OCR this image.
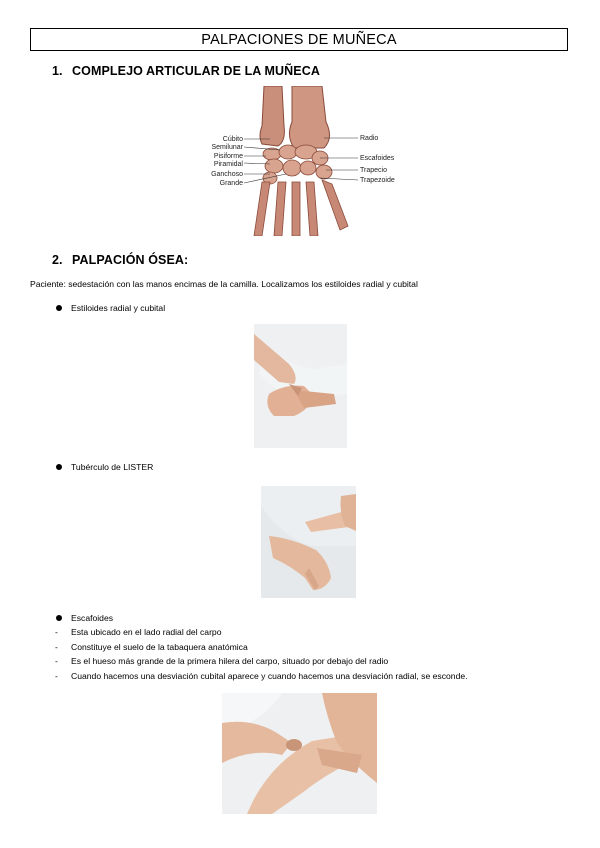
PALPACIONES DE MUÑECA
1. COMPLEJO ARTICULAR DE LA MUÑECA
Cúbito
Semilunar
Pisiforme
Piramidal
Ganchoso
Grande
Radio
Escafoides
Trapecio
Trapezoide
2. PALPACIÓN ÓSEA:
Paciente: sedestación con las manos encimas de la camilla. Localizamos los estiloides radial y cubital
Estiloides radial y cubital
Tubérculo de LISTER
Escafoides
- Esta ubicado en el lado radial del carpo
- Constituye el suelo de la tabaquera anatómica
- Es el hueso más grande de la primera hilera del carpo, situado por debajo del radio
- Cuando hacemos una desviación cubital aparece y cuando hacemos una desviación radial, se esconde.
